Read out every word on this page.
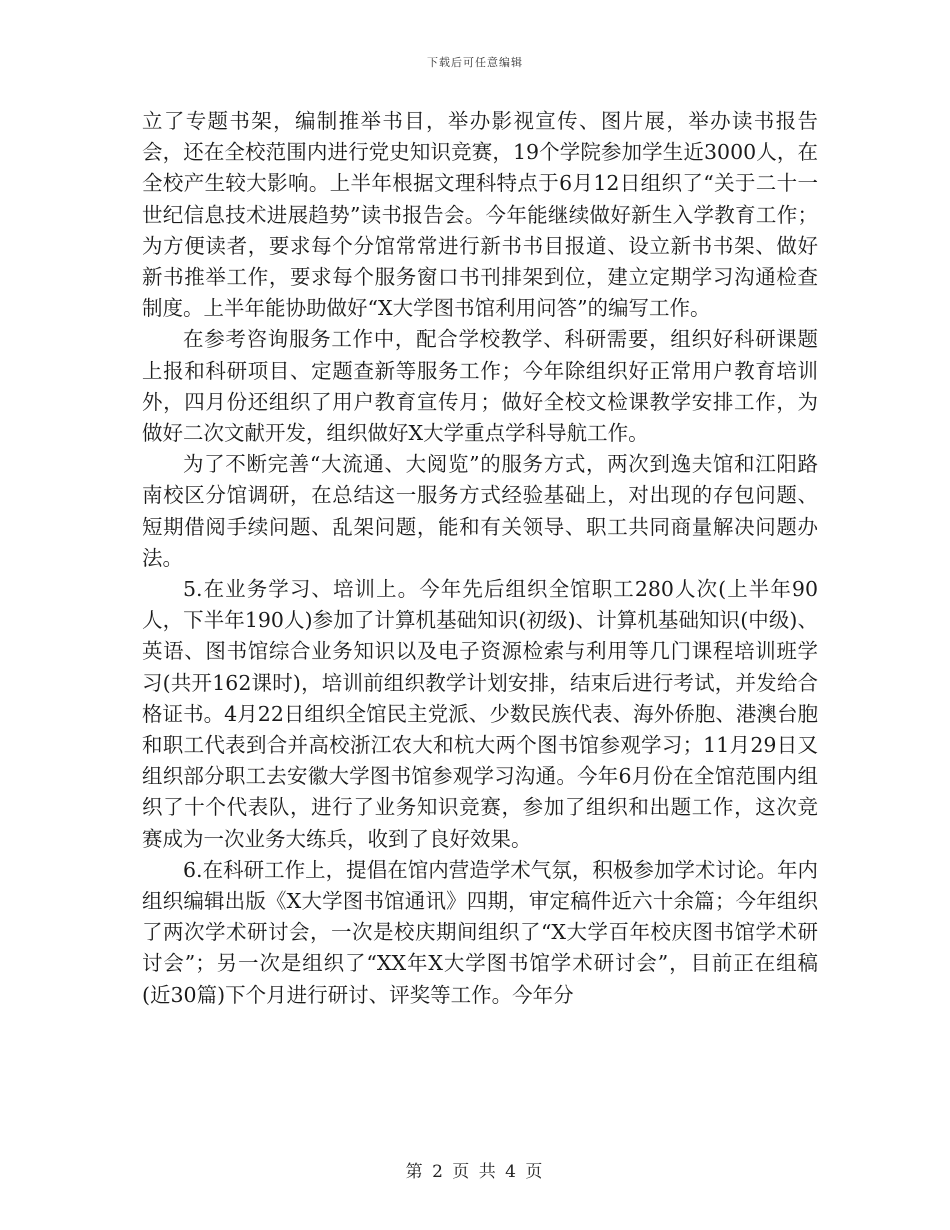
下载后可任意编辑

立了专题书架，编制推举书目，举办影视宣传、图片展，举办读书报告会，还在全校范围内进行党史知识竞赛，19个学院参加学生近3000人，在全校产生较大影响。上半年根据文理科特点于6月12日组织了“关于二十一世纪信息技术进展趋势”读书报告会。今年能继续做好新生入学教育工作；为方便读者，要求每个分馆常常进行新书书目报道、设立新书书架、做好新书推举工作，要求每个服务窗口书刊排架到位，建立定期学习沟通检查制度。上半年能协助做好“X大学图书馆利用问答”的编写工作。

在参考咨询服务工作中，配合学校教学、科研需要，组织好科研课题上报和科研项目、定题查新等服务工作；今年除组织好正常用户教育培训外，四月份还组织了用户教育宣传月；做好全校文检课教学安排工作，为做好二次文献开发，组织做好X大学重点学科导航工作。

为了不断完善“大流通、大阅览”的服务方式，两次到逸夫馆和江阳路南校区分馆调研，在总结这一服务方式经验基础上，对出现的存包问题、短期借阅手续问题、乱架问题，能和有关领导、职工共同商量解决问题办法。

5.在业务学习、培训上。今年先后组织全馆职工280人次(上半年90人，下半年190人)参加了计算机基础知识(初级)、计算机基础知识(中级)、英语、图书馆综合业务知识以及电子资源检索与利用等几门课程培训班学习(共开162课时)，培训前组织教学计划安排，结束后进行考试，并发给合格证书。4月22日组织全馆民主党派、少数民族代表、海外侨胞、港澳台胞和职工代表到合并高校浙江农大和杭大两个图书馆参观学习；11月29日又组织部分职工去安徽大学图书馆参观学习沟通。今年6月份在全馆范围内组织了十个代表队，进行了业务知识竞赛，参加了组织和出题工作，这次竞赛成为一次业务大练兵，收到了良好效果。

6.在科研工作上，提倡在馆内营造学术气氛，积极参加学术讨论。年内组织编辑出版《X大学图书馆通讯》四期，审定稿件近六十余篇；今年组织了两次学术研讨会，一次是校庆期间组织了“X大学百年校庆图书馆学术研讨会”；另一次是组织了“XX年X大学图书馆学术研讨会”，目前正在组稿(近30篇)下个月进行研讨、评奖等工作。今年分

第 2 页 共 4 页
